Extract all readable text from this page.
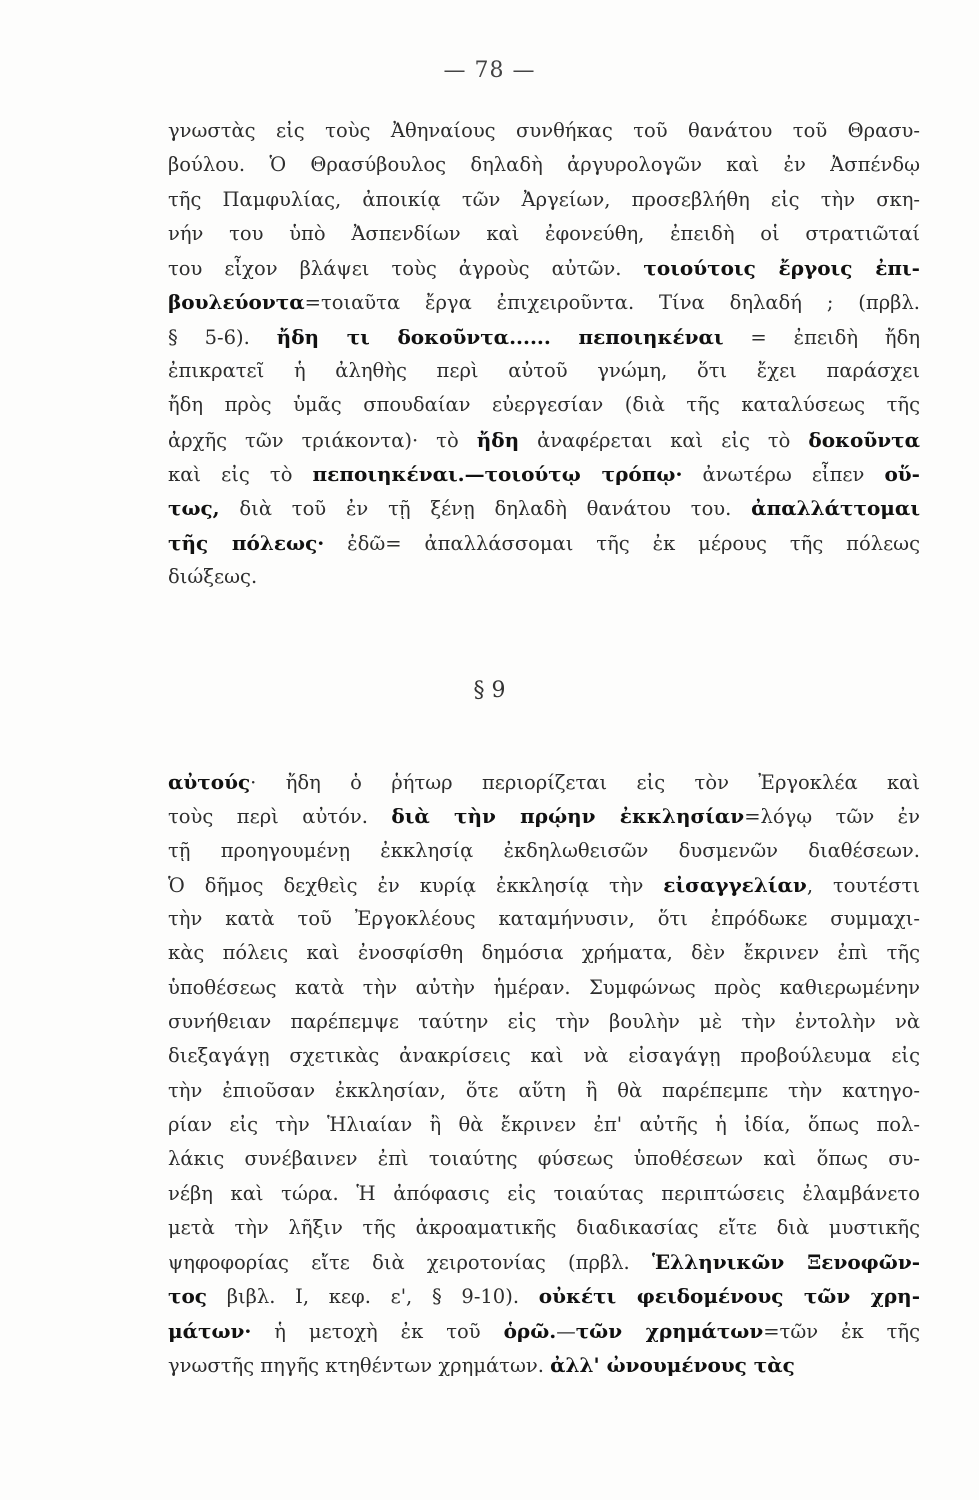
— 78 —
γνωστὰς εἰς τοὺς Ἀθηναίους συνθήκας τοῦ θανάτου τοῦ Θρασυ-
βούλου. Ὁ Θρασύβουλος δηλαδὴ ἀργυρολογῶν καὶ ἐν Ἀσπένδῳ
τῆς Παμφυλίας, ἀποικίᾳ τῶν Ἀργείων, προσεβλήθη εἰς τὴν σκη-
νήν του ὑπὸ Ἀσπενδίων καὶ ἐφονεύθη, ἐπειδὴ οἱ στρατιῶταί
του εἶχον βλάψει τοὺς ἀγροὺς αὐτῶν. τοιούτοις ἔργοις ἐπι-
βουλεύοντα=τοιαῦτα ἔργα ἐπιχειροῦντα. Τίνα δηλαδή ; (πρβλ.
§ 5-6). ἤδη τι δοκοῦντα...... πεποιηκέναι = ἐπειδὴ ἤδη
ἐπικρατεῖ ἡ ἀληθὴς περὶ αὐτοῦ γνώμη, ὅτι ἔχει παράσχει
ἤδη πρὸς ὑμᾶς σπουδαίαν εὐεργεσίαν (διὰ τῆς καταλύσεως τῆς
ἀρχῆς τῶν τριάκοντα)· τὸ ἤδη ἀναφέρεται καὶ εἰς τὸ δοκοῦντα
καὶ εἰς τὸ πεποιηκέναι.—τοιούτῳ τρόπῳ· ἀνωτέρω εἶπεν οὕ-
τως, διὰ τοῦ ἐν τῇ ξένῃ δηλαδὴ θανάτου του. ἀπαλλάττομαι
τῆς πόλεως· ἐδῶ= ἀπαλλάσσομαι τῆς ἐκ μέρους τῆς πόλεως
διώξεως.
§ 9
αὐτούς· ἤδη ὁ ῥήτωρ περιορίζεται εἰς τὸν Ἐργοκλέα καὶ
τοὺς περὶ αὐτόν. διὰ τὴν πρῴην ἐκκλησίαν=λόγῳ τῶν ἐν
τῇ προηγουμένῃ ἐκκλησίᾳ ἐκδηλωθεισῶν δυσμενῶν διαθέσεων.
Ὁ δῆμος δεχθεὶς ἐν κυρίᾳ ἐκκλησίᾳ τὴν εἰσαγγελίαν, τουτέστι
τὴν κατὰ τοῦ Ἐργοκλέους καταμήνυσιν, ὅτι ἐπρόδωκε συμμαχι-
κὰς πόλεις καὶ ἐνοσφίσθη δημόσια χρήματα, δὲν ἔκρινεν ἐπὶ τῆς
ὑποθέσεως κατὰ τὴν αὐτὴν ἡμέραν. Συμφώνως πρὸς καθιερωμένην
συνήθειαν παρέπεμψε ταύτην εἰς τὴν βουλὴν μὲ τὴν ἐντολὴν νὰ
διεξαγάγῃ σχετικὰς ἀνακρίσεις καὶ νὰ εἰσαγάγῃ προβούλευμα εἰς
τὴν ἐπιοῦσαν ἐκκλησίαν, ὅτε αὕτη ἢ θὰ παρέπεμπε τὴν κατηγο-
ρίαν εἰς τὴν Ἡλιαίαν ἢ θὰ ἔκρινεν ἐπ' αὐτῆς ἡ ἰδία, ὅπως πολ-
λάκις συνέβαινεν ἐπὶ τοιαύτης φύσεως ὑποθέσεων καὶ ὅπως συ-
νέβη καὶ τώρα. Ἡ ἀπόφασις εἰς τοιαύτας περιπτώσεις ἐλαμβάνετο
μετὰ τὴν λῆξιν τῆς ἀκροαματικῆς διαδικασίας εἴτε διὰ μυστικῆς
ψηφοφορίας εἴτε διὰ χειροτονίας (πρβλ. Ἑλληνικῶν Ξενοφῶν-
τος βιβλ. I, κεφ. ε', § 9-10). οὐκέτι φειδομένους τῶν χρη-
μάτων· ἡ μετοχὴ ἐκ τοῦ ὁρῶ.—τῶν χρημάτων=τῶν ἐκ τῆς
γνωστῆς πηγῆς κτηθέντων χρημάτων. ἀλλ' ὠνουμένους τὰς
